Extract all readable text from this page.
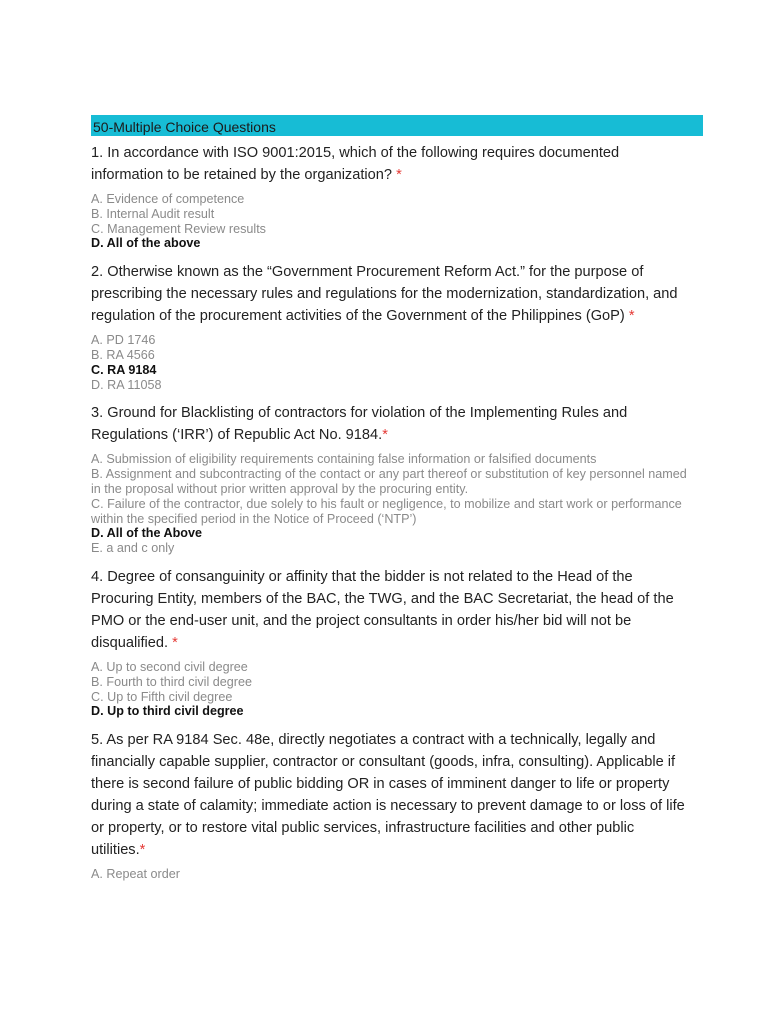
50-Multiple Choice Questions

1. In accordance with ISO 9001:2015, which of the following requires documented information to be retained by the organization? *

A. Evidence of competence
B. Internal Audit result
C. Management Review results
D. All of the above

2. Otherwise known as the “Government Procurement Reform Act.” for the purpose of prescribing the necessary rules and regulations for the modernization, standardization, and regulation of the procurement activities of the Government of the Philippines (GoP) *

A. PD 1746
B. RA 4566
C. RA 9184
D. RA 11058

3. Ground for Blacklisting of contractors for violation of the Implementing Rules and Regulations (‘IRR’) of Republic Act No. 9184.*

A. Submission of eligibility requirements containing false information or falsified documents
B. Assignment and subcontracting of the contact or any part thereof or substitution of key personnel named in the proposal without prior written approval by the procuring entity.
C. Failure of the contractor, due solely to his fault or negligence, to mobilize and start work or performance within the specified period in the Notice of Proceed (‘NTP’)
D. All of the Above
E. a and c only

4. Degree of consanguinity or affinity that the bidder is not related to the Head of the Procuring Entity, members of the BAC, the TWG, and the BAC Secretariat, the head of the PMO or the end-user unit, and the project consultants in order his/her bid will not be disqualified. *

A. Up to second civil degree
B. Fourth to third civil degree
C. Up to Fifth civil degree
D. Up to third civil degree

5. As per RA 9184 Sec. 48e, directly negotiates a contract with a technically, legally and financially capable supplier, contractor or consultant (goods, infra, consulting). Applicable if there is second failure of public bidding OR in cases of imminent danger to life or property during a state of calamity; immediate action is necessary to prevent damage to or loss of life or property, or to restore vital public services, infrastructure facilities and other public utilities.*

A. Repeat order
